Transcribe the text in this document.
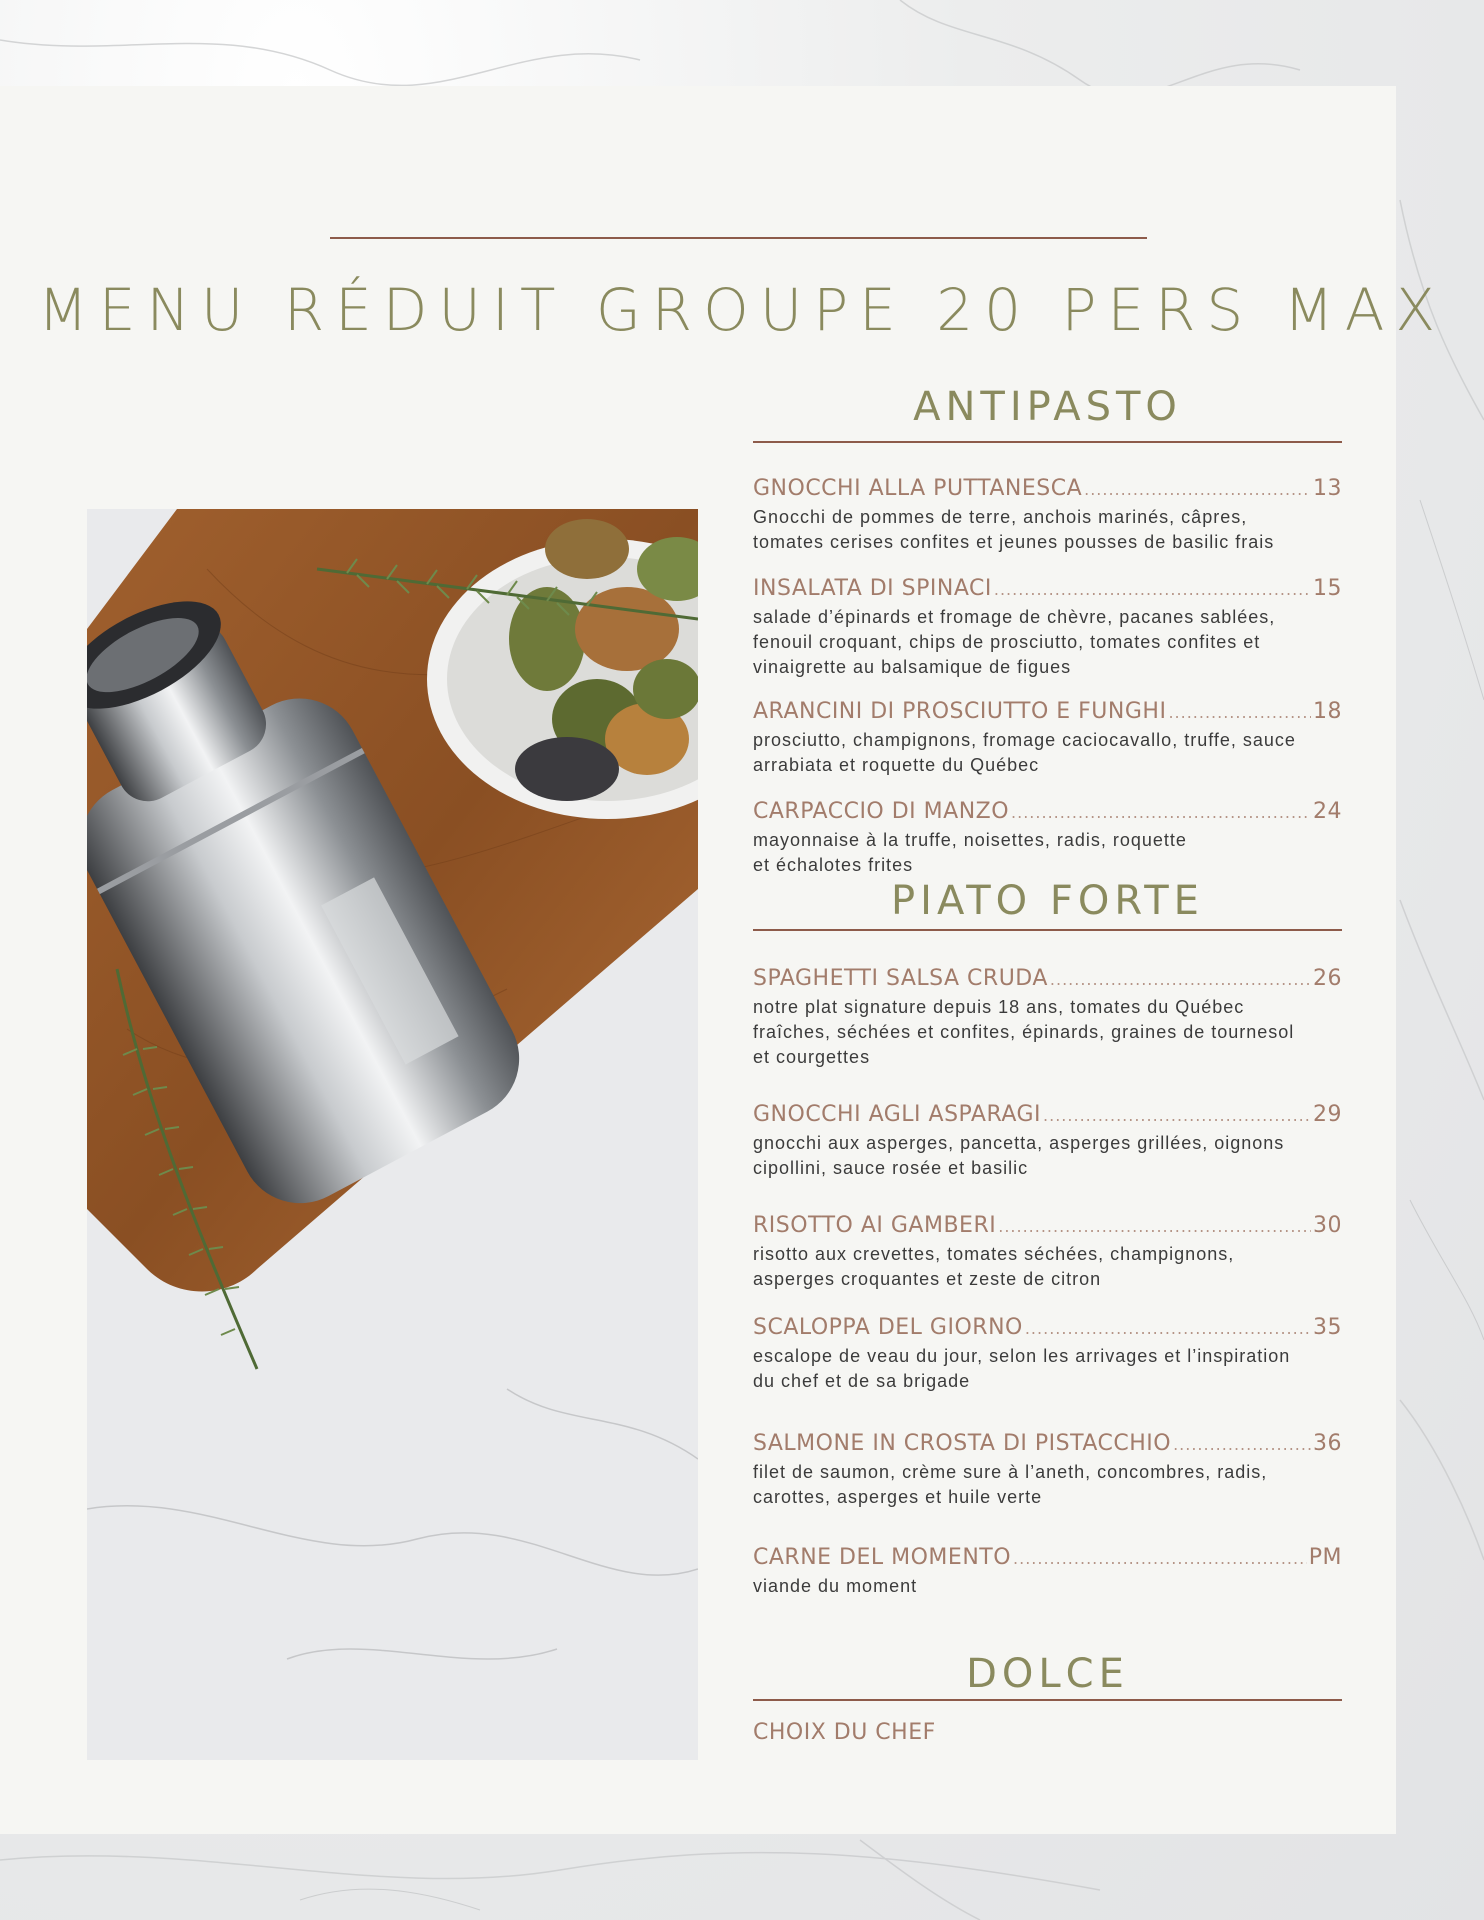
MENU RÉDUIT GROUPE 20 PERS MAX
ANTIPASTO
GNOCCHI ALLA PUTTANESCA .....	13
Gnocchi de pommes de terre, anchois marinés, câpres,
tomates cerises confites et jeunes pousses de basilic frais
INSALATA DI SPINACI .....	15
salade d’épinards et fromage de chèvre, pacanes sablées,
fenouil croquant, chips de prosciutto, tomates confites et
vinaigrette au balsamique de figues
ARANCINI DI PROSCIUTTO E FUNGHI .....	18
prosciutto, champignons, fromage caciocavallo, truffe, sauce
arrabiata et roquette du Québec
CARPACCIO DI MANZO .....	24
mayonnaise à la truffe, noisettes, radis, roquette
et échalotes frites
PIATO FORTE
SPAGHETTI SALSA CRUDA .....	26
notre plat signature depuis 18 ans, tomates du Québec
fraîches, séchées et confites, épinards, graines de tournesol
et courgettes
GNOCCHI AGLI ASPARAGI .....	29
gnocchi aux asperges, pancetta, asperges grillées, oignons
cipollini, sauce rosée et basilic
RISOTTO AI GAMBERI .....	30
risotto aux crevettes, tomates séchées, champignons,
asperges croquantes et zeste de citron
SCALOPPA DEL GIORNO .....	35
escalope de veau du jour, selon les arrivages et l’inspiration
du chef et de sa brigade
SALMONE IN CROSTA DI PISTACCHIO .....	36
filet de saumon, crème sure à l’aneth, concombres, radis,
carottes, asperges et huile verte
CARNE DEL MOMENTO .....	PM
viande du moment
DOLCE
CHOIX DU CHEF
